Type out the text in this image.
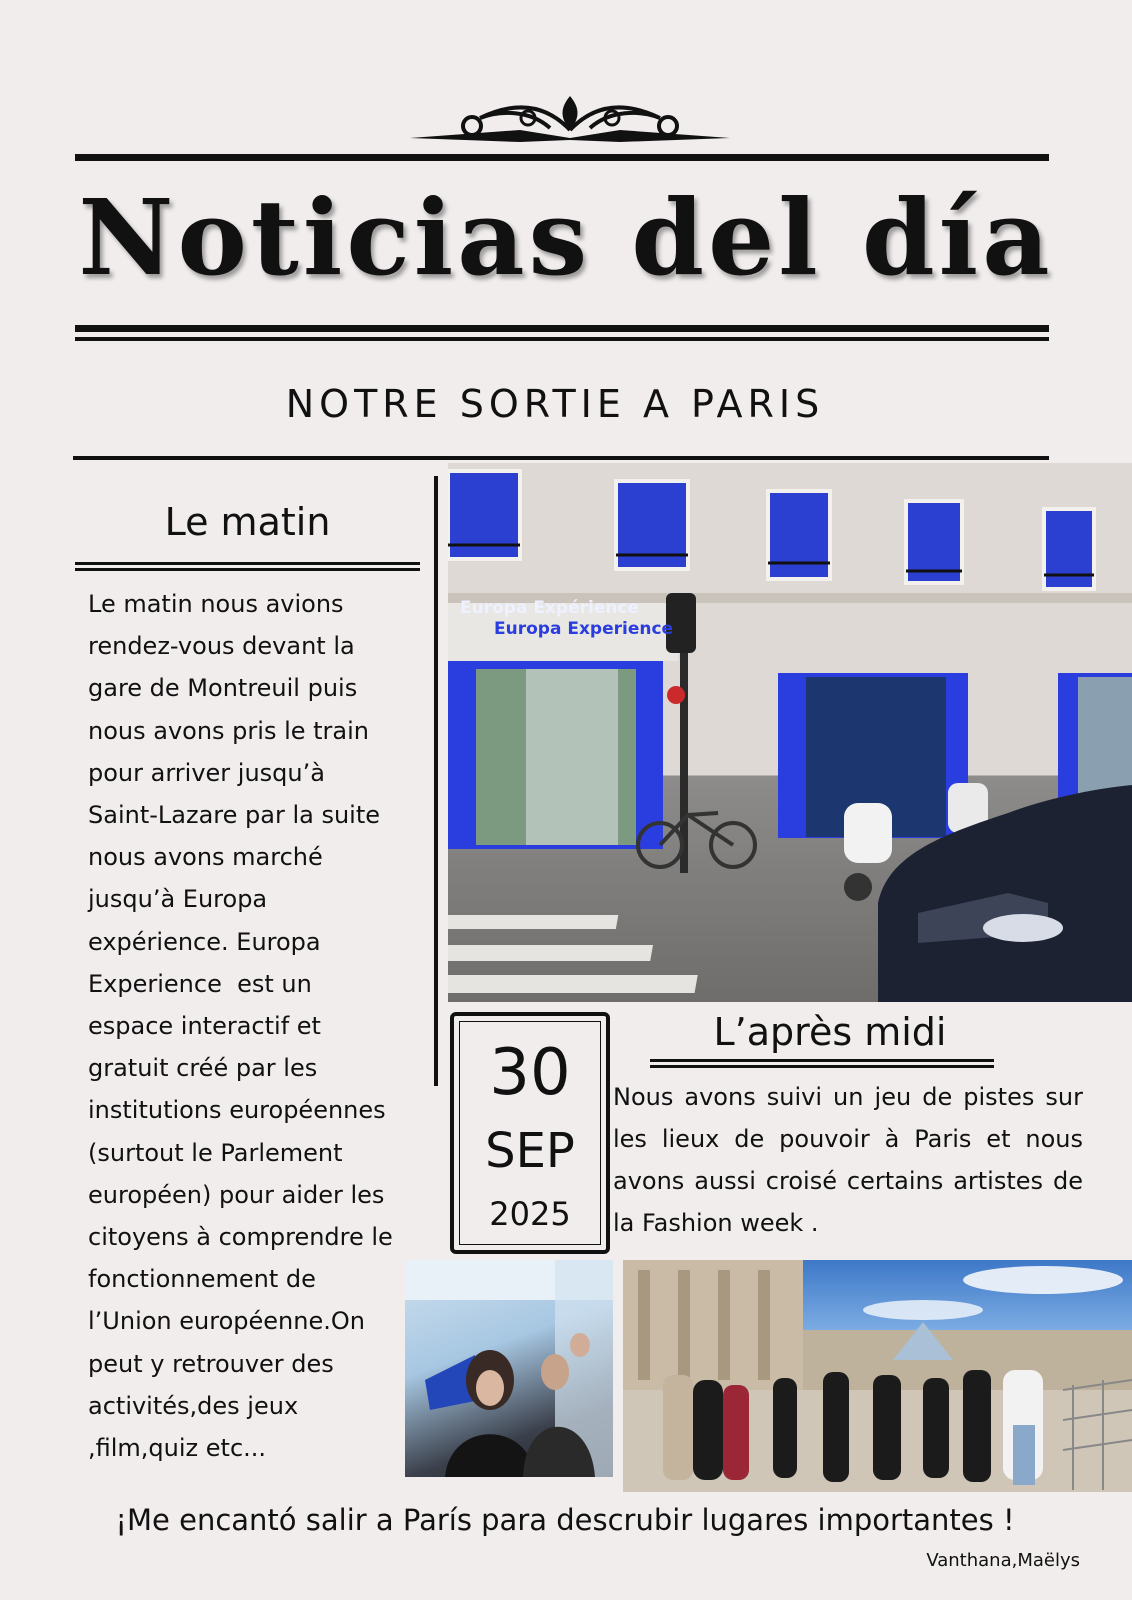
Noticias del día
NOTRE SORTIE A PARIS
Le matin
Le matin nous avions
rendez-vous devant la
gare de Montreuil puis
nous avons pris le train
pour arriver jusqu’à
Saint-Lazare par la suite
nous avons marché
jusqu’à Europa
expérience. Europa
Experience  est un
espace interactif et
gratuit créé par les
institutions européennes
(surtout le Parlement
européen) pour aider les
citoyens à comprendre le
fonctionnement de
l’Union européenne.On
peut y retrouver des
activités,des jeux
,film,quiz etc...
Europa Expérience
Europa Experience
30
SEP
2025
L’après midi
Nous avons suivi un jeu de pistes sur les lieux de pouvoir à Paris et nous avons aussi croisé certains artistes de la Fashion week .
¡Me encantó salir a París para descrubir lugares importantes !
Vanthana,Maëlys
